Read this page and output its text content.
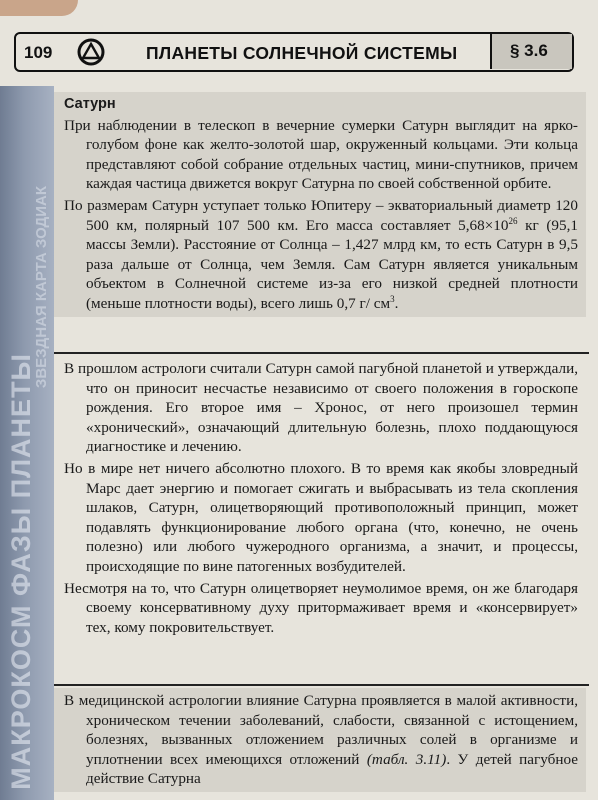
109	ПЛАНЕТЫ СОЛНЕЧНОЙ СИСТЕМЫ	§ 3.6
МАКРОКОСМ ФАЗЫ ПЛАНЕТЫ
ЗВЕЗДНАЯ КАРТА ЗОДИАК
Сатурн

При наблюдении в телескоп в вечерние сумерки Сатурн выглядит на ярко-голубом фоне как желто-золотой шар, окруженный кольцами. Эти кольца представляют собой собрание отдельных частиц, мини-спутников, причем каждая частица движется вокруг Сатурна по своей собственной орбите.

По размерам Сатурн уступает только Юпитеру – экваториальный диаметр 120 500 км, полярный 107 500 км. Его масса составляет $5,68\times 10^{26}$ кг (95,1 массы Земли). Расстояние от Солнца – 1,427 млрд км, то есть Сатурн в 9,5 раза дальше от Солнца, чем Земля. Сам Сатурн является уникальным объектом в Солнечной системе из-за его низкой средней плотности (меньше плотности воды), всего лишь 0,7 г/ $см^3$.

В прошлом астрологи считали Сатурн самой пагубной планетой и утверждали, что он приносит несчастье независимо от своего положения в гороскопе рождения. Его второе имя – Хронос, от него произошел термин «хронический», означающий длительную болезнь, плохо поддающуюся диагностике и лечению.

Но в мире нет ничего абсолютно плохого. В то время как якобы зловредный Марс дает энергию и помогает сжигать и выбрасывать из тела скопления шлаков, Сатурн, олицетворяющий противоположный принцип, может подавлять функционирование любого органа (что, конечно, не очень полезно) или любого чужеродного организма, а значит, и процессы, происходящие по вине патогенных возбудителей.

Несмотря на то, что Сатурн олицетворяет неумолимое время, он же благодаря своему консервативному духу притормаживает время и «консервирует» тех, кому покровительствует.

В медицинской астрологии влияние Сатурна проявляется в малой активности, хроническом течении заболеваний, слабости, связанной с истощением, болезнях, вызванных отложением различных солей в организме и уплотнении всех имеющихся отложений (табл. 3.11). У детей пагубное действие Сатурна
